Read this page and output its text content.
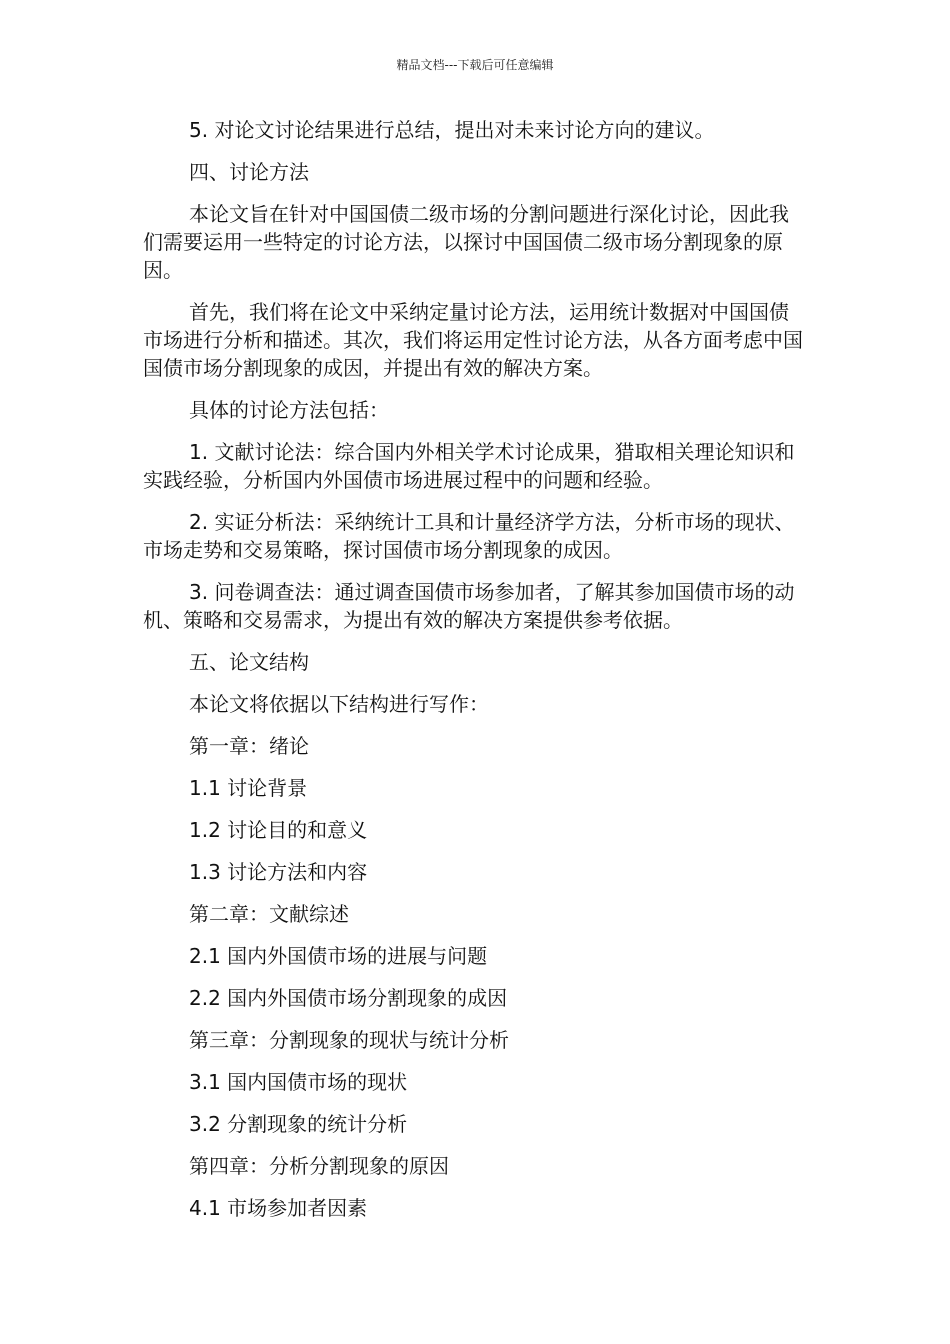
精品文档---下载后可任意编辑

5. 对论文讨论结果进行总结，提出对未来讨论方向的建议。

四、讨论方法

本论文旨在针对中国国债二级市场的分割问题进行深化讨论，因此我们需要运用一些特定的讨论方法，以探讨中国国债二级市场分割现象的原因。

首先，我们将在论文中采纳定量讨论方法，运用统计数据对中国国债市场进行分析和描述。其次，我们将运用定性讨论方法，从各方面考虑中国国债市场分割现象的成因，并提出有效的解决方案。

具体的讨论方法包括：

1. 文献讨论法：综合国内外相关学术讨论成果，猎取相关理论知识和实践经验，分析国内外国债市场进展过程中的问题和经验。

2. 实证分析法：采纳统计工具和计量经济学方法，分析市场的现状、市场走势和交易策略，探讨国债市场分割现象的成因。

3. 问卷调查法：通过调查国债市场参加者，了解其参加国债市场的动机、策略和交易需求，为提出有效的解决方案提供参考依据。

五、论文结构

本论文将依据以下结构进行写作：

第一章：绪论

1.1 讨论背景

1.2 讨论目的和意义

1.3 讨论方法和内容

第二章：文献综述

2.1 国内外国债市场的进展与问题

2.2 国内外国债市场分割现象的成因

第三章：分割现象的现状与统计分析

3.1 国内国债市场的现状

3.2 分割现象的统计分析

第四章：分析分割现象的原因

4.1 市场参加者因素
